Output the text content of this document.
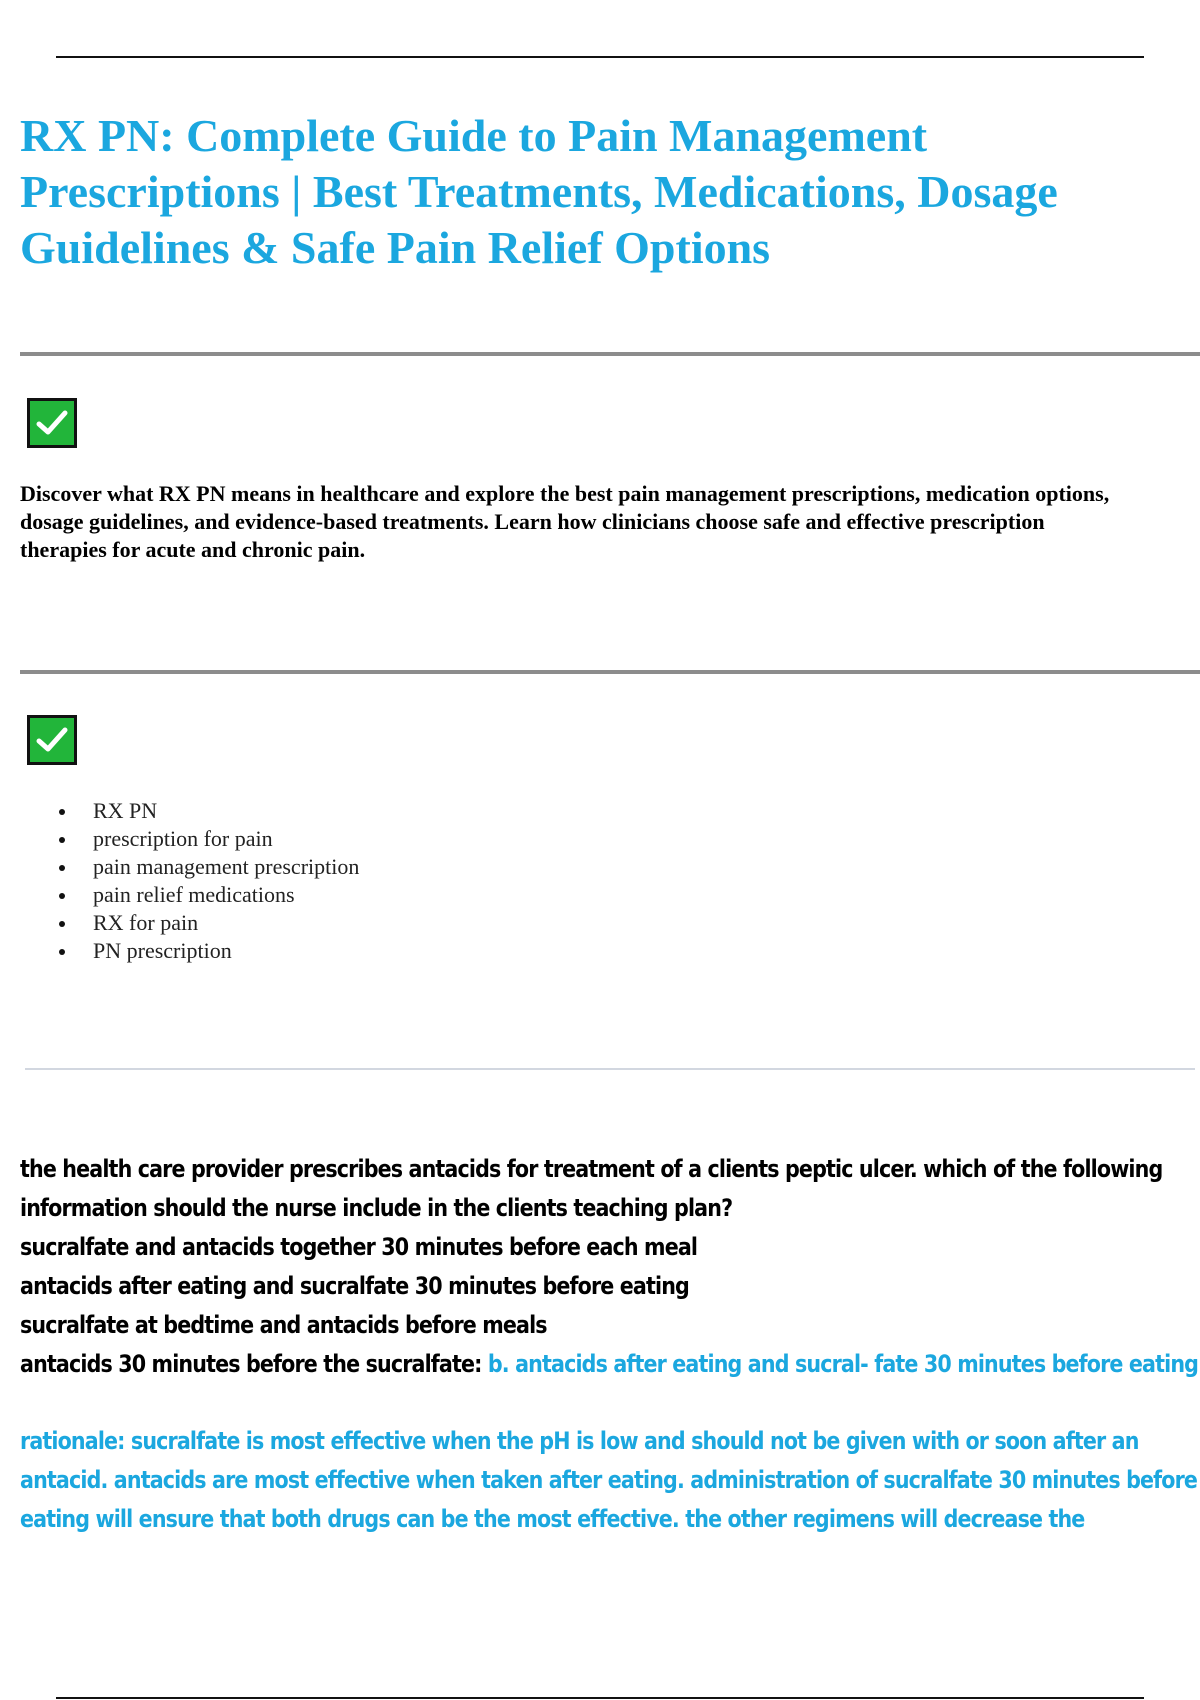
RX PN: Complete Guide to Pain Management
Prescriptions | Best Treatments, Medications, Dosage
Guidelines & Safe Pain Relief Options

Discover what RX PN means in healthcare and explore the best pain management prescriptions, medication options,
dosage guidelines, and evidence-based treatments. Learn how clinicians choose safe and effective prescription
therapies for acute and chronic pain.

RX PN
prescription for pain
pain management prescription
pain relief medications
RX for pain
PN prescription

the health care provider prescribes antacids for treatment of a clients peptic ulcer. which of the following

information should the nurse include in the clients teaching plan?

sucralfate and antacids together 30 minutes before each meal

antacids after eating and sucralfate 30 minutes before eating

sucralfate at bedtime and antacids before meals

antacids 30 minutes before the sucralfate: b. antacids after eating and sucral- fate 30 minutes before eating

rationale: sucralfate is most effective when the pH is low and should not be given with or soon after an
antacid. antacids are most effective when taken after eating. administration of sucralfate 30 minutes before
eating will ensure that both drugs can be the most effective. the other regimens will decrease the
